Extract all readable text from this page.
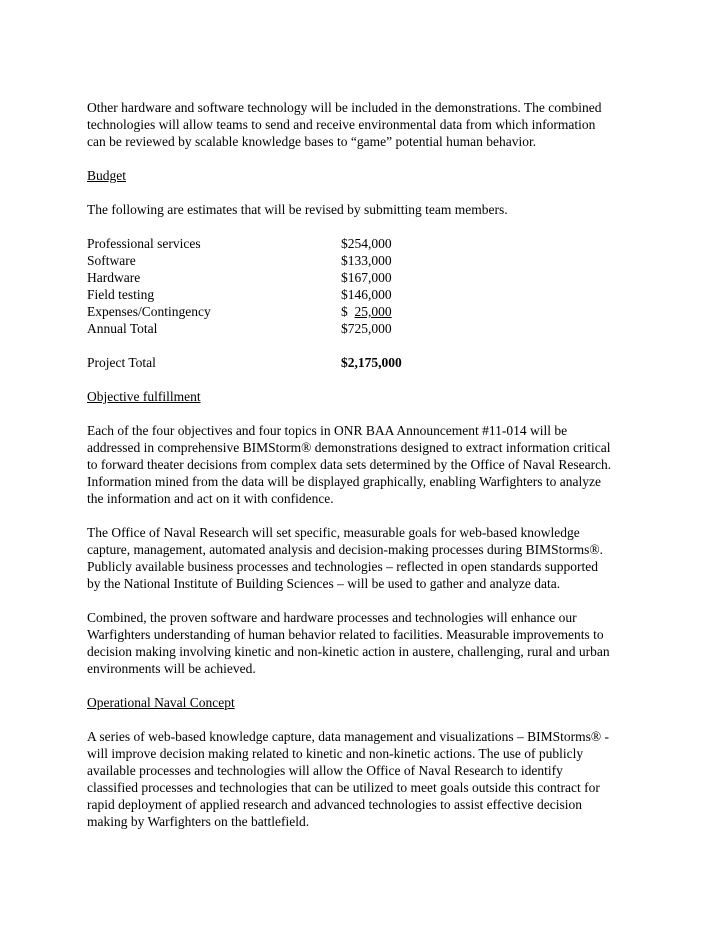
Other hardware and software technology will be included in the demonstrations. The combined

technologies will allow teams to send and receive environmental data from which information

can be reviewed by scalable knowledge bases to “game” potential human behavior.

Budget

The following are estimates that will be revised by submitting team members.

Professional services	$254,000
Software	$133,000
Hardware	$167,000
Field testing	$146,000
Expenses/Contingency	$  25,000
Annual Total	$725,000

Project Total	$2,175,000

Objective fulfillment

Each of the four objectives and four topics in ONR BAA Announcement #11-014 will be

addressed in comprehensive BIMStorm® demonstrations designed to extract information critical

to forward theater decisions from complex data sets determined by the Office of Naval Research.

Information mined from the data will be displayed graphically, enabling Warfighters to analyze

the information and act on it with confidence.

The Office of Naval Research will set specific, measurable goals for web-based knowledge

capture, management, automated analysis and decision-making processes during BIMStorms®.

Publicly available business processes and technologies – reflected in open standards supported

by the National Institute of Building Sciences – will be used to gather and analyze data.

Combined, the proven software and hardware processes and technologies will enhance our

Warfighters understanding of human behavior related to facilities. Measurable improvements to

decision making involving kinetic and non-kinetic action in austere, challenging, rural and urban

environments will be achieved.

Operational Naval Concept

A series of web-based knowledge capture, data management and visualizations – BIMStorms® -

will improve decision making related to kinetic and non-kinetic actions. The use of publicly

available processes and technologies will allow the Office of Naval Research to identify

classified processes and technologies that can be utilized to meet goals outside this contract for

rapid deployment of applied research and advanced technologies to assist effective decision

making by Warfighters on the battlefield.
